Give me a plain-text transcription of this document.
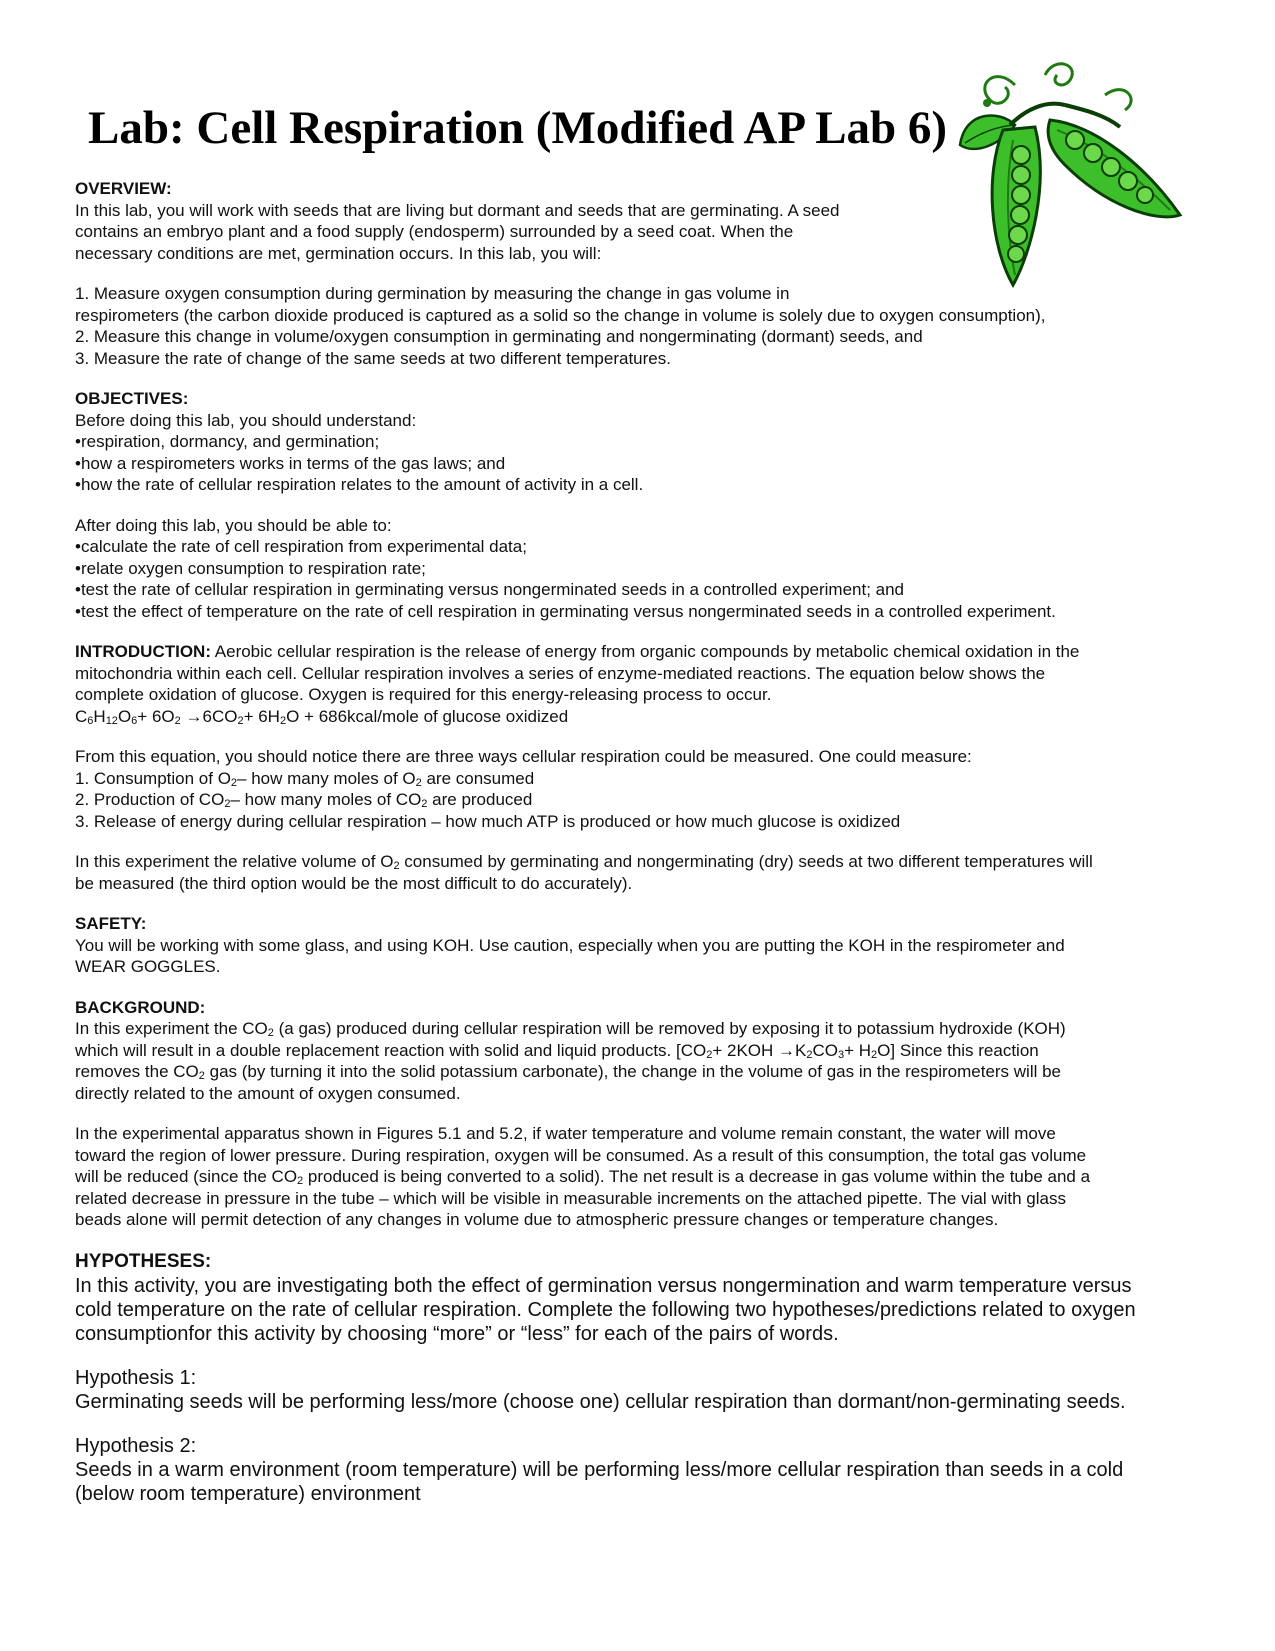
Lab: Cell Respiration (Modified AP Lab 6)
OVERVIEW:
In this lab, you will work with seeds that are living but dormant and seeds that are germinating. A seed
contains an embryo plant and a food supply (endosperm) surrounded by a seed coat. When the
necessary conditions are met, germination occurs. In this lab, you will:
1. Measure oxygen consumption during germination by measuring the change in gas volume in
respirometers (the carbon dioxide produced is captured as a solid so the change in volume is solely due to oxygen consumption),
2. Measure this change in volume/oxygen consumption in germinating and nongerminating (dormant) seeds, and
3. Measure the rate of change of the same seeds at two different temperatures.
OBJECTIVES:
Before doing this lab, you should understand:
•respiration, dormancy, and germination;
•how a respirometers works in terms of the gas laws; and
•how the rate of cellular respiration relates to the amount of activity in a cell.
After doing this lab, you should be able to:
•calculate the rate of cell respiration from experimental data;
•relate oxygen consumption to respiration rate;
•test the rate of cellular respiration in germinating versus nongerminated seeds in a controlled experiment; and
•test the effect of temperature on the rate of cell respiration in germinating versus nongerminated seeds in a controlled experiment.
INTRODUCTION: Aerobic cellular respiration is the release of energy from organic compounds by metabolic chemical oxidation in the
mitochondria within each cell. Cellular respiration involves a series of enzyme-mediated reactions. The equation below shows the
complete oxidation of glucose. Oxygen is required for this energy-releasing process to occur.
$C_6H_{12}O_6+ 6O_2 \to 6CO_2+ 6H_2O$ + 686kcal/mole of glucose oxidized
From this equation, you should notice there are three ways cellular respiration could be measured. One could measure:
1. Consumption of $O_2-$ how many moles of $O_2$ are consumed
2. Production of $CO_2-$ how many moles of $CO_2$ are produced
3. Release of energy during cellular respiration – how much ATP is produced or how much glucose is oxidized
In this experiment the relative volume of $O_2$ consumed by germinating and nongerminating (dry) seeds at two different temperatures will
be measured (the third option would be the most difficult to do accurately).
SAFETY:
You will be working with some glass, and using KOH. Use caution, especially when you are putting the KOH in the respirometer and
WEAR GOGGLES.
BACKGROUND:
In this experiment the $CO_2$ (a gas) produced during cellular respiration will be removed by exposing it to potassium hydroxide (KOH)
which will result in a double replacement reaction with solid and liquid products. $[CO_2+ 2KOH \to K_2CO_3+ H_2O]$ Since this reaction
removes the $CO_2$ gas (by turning it into the solid potassium carbonate), the change in the volume of gas in the respirometers will be
directly related to the amount of oxygen consumed.
In the experimental apparatus shown in Figures 5.1 and 5.2, if water temperature and volume remain constant, the water will move
toward the region of lower pressure. During respiration, oxygen will be consumed. As a result of this consumption, the total gas volume
will be reduced (since the $CO_2$ produced is being converted to a solid). The net result is a decrease in gas volume within the tube and a
related decrease in pressure in the tube – which will be visible in measurable increments on the attached pipette. The vial with glass
beads alone will permit detection of any changes in volume due to atmospheric pressure changes or temperature changes.
HYPOTHESES:
In this activity, you are investigating both the effect of germination versus nongermination and warm temperature versus
cold temperature on the rate of cellular respiration. Complete the following two hypotheses/predictions related to oxygen
consumptionfor this activity by choosing “more” or “less” for each of the pairs of words.
Hypothesis 1:
Germinating seeds will be performing less/more (choose one) cellular respiration than dormant/non-germinating seeds.
Hypothesis 2:
Seeds in a warm environment (room temperature) will be performing less/more cellular respiration than seeds in a cold
(below room temperature) environment
